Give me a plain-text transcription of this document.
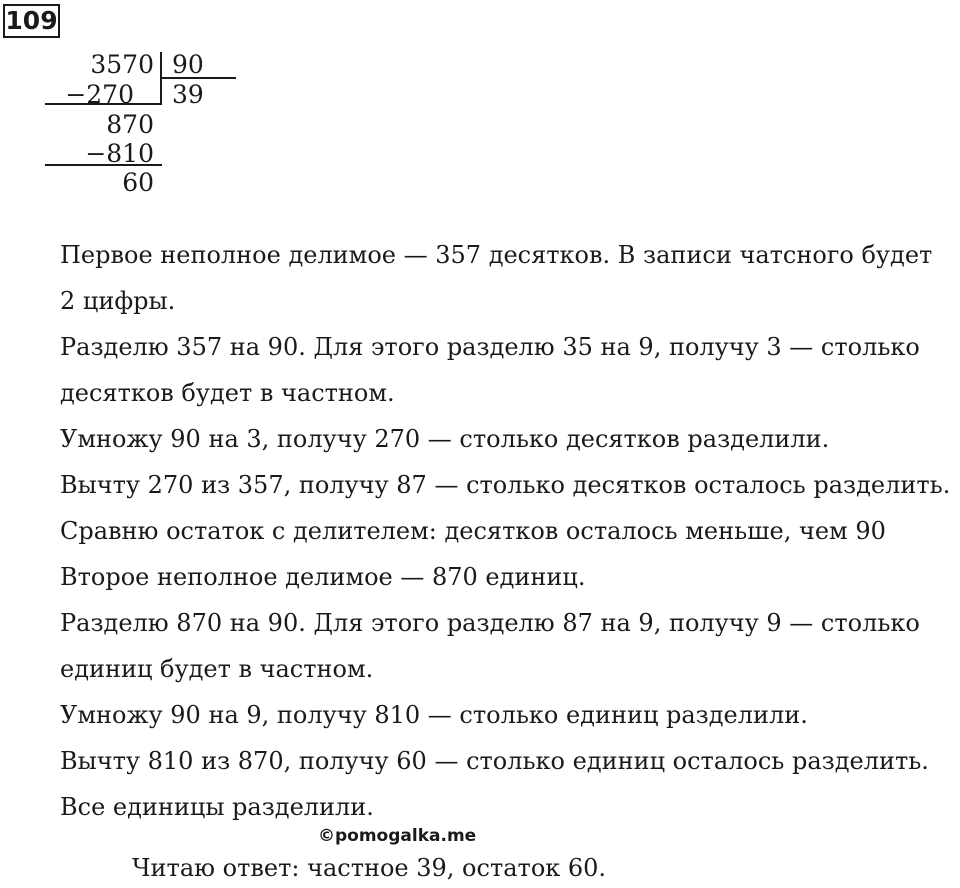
109
3570 90
−270 39
870
−810
60
Первое неполное делимое — 357 десятков. В записи чатсного будет
2 цифры.
Разделю 357 на 90. Для этого разделю 35 на 9, получу 3 — столько
десятков будет в частном.
Умножу 90 на 3, получу 270 — столько десятков разделили.
Вычту 270 из 357, получу 87 — столько десятков осталось разделить.
Сравню остаток с делителем: десятков осталось меньше, чем 90
Второе неполное делимое — 870 единиц.
Разделю 870 на 90. Для этого разделю 87 на 9, получу 9 — столько
единиц будет в частном.
Умножу 90 на 9, получу 810 — столько единиц разделили.
Вычту 810 из 870, получу 60 — столько единиц осталось разделить.
Все единицы разделили.
©pomogalka.me
Читаю ответ: частное 39, остаток 60.
